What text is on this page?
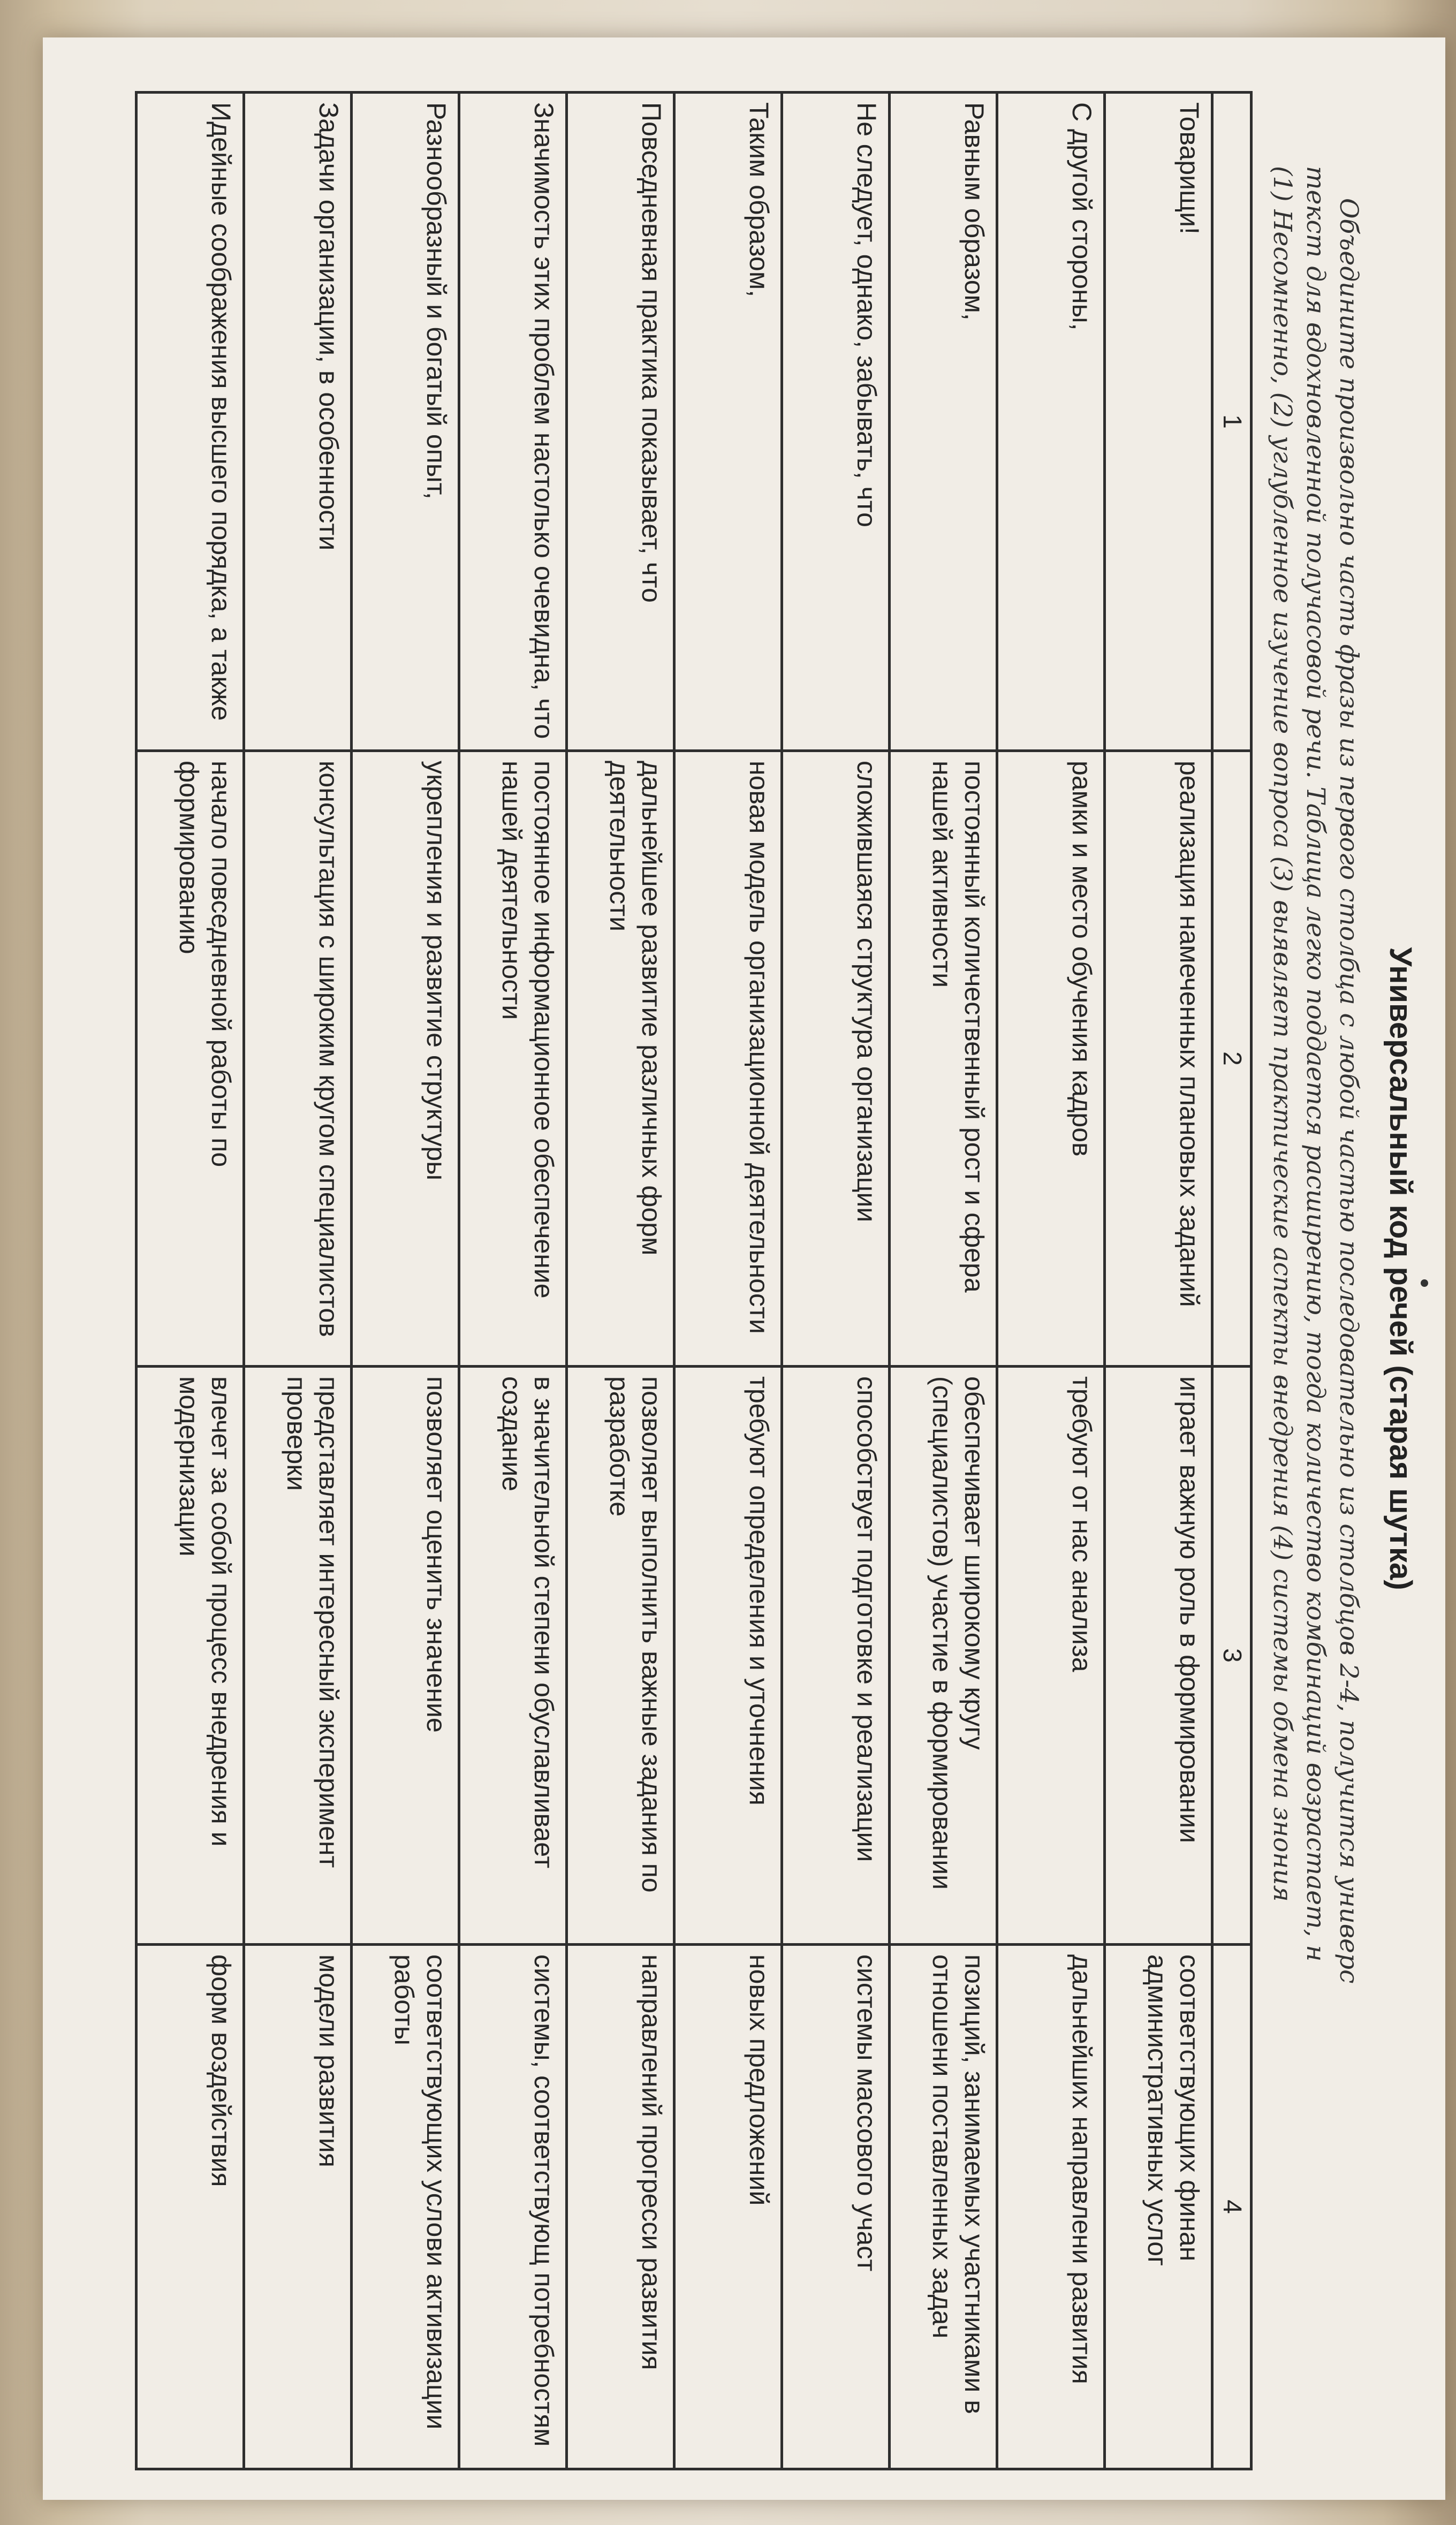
Универсальный код речей (старая шутка)

Объедините произвольно часть фразы из первого столбца с любой частью последовательно из столбцов 2-4, получится универс

текст для вдохновленной получасовой речи. Таблица легко поддается расширению, тогда количество комбинаций возрастает, н

(1) Несомненно, (2) углубленное изучение вопроса (3) выявляет практические аспекты внедрения (4) системы обмена знония

1	2	3	4
Товарищи!	реализация намеченных плановых заданий	играет важную роль в формировании	соответствующих финан административных услог
С другой стороны,	рамки и место обучения кадров	требуют от нас анализа	дальнейших направлени развития
Равным образом,	постоянный количественный рост и сфера нашей активности	обеспечивает широкому кругу (специалистов) участие в формировании	позиций, занимаемых участниками в отношени поставленных задач
Не следует, однако, забывать, что	сложившаяся структура организации	способствует подготовке и реализации	системы массового участ
Таким образом,	новая модель организационной деятельности	требуют определения и уточнения	новых предложений
Повседневная практика показывает, что	дальнейшее развитие различных форм деятельности	позволяет выполнить важные задания по разработке	направлений прогресси развития
Значимость этих проблем настолько очевидна, что	постоянное информационное обеспечение нашей деятельности	в значительной степени обуславливает создание	системы, соответствующ потребностям
Разнообразный и богатый опыт,	укрепления и развитие структуры	позволяет оценить значение	соответствующих услови активизации работы
Задачи организации, в особенности	консультация с широким кругом специалистов	представляет интересный эксперимент проверки	модели развития
Идейные соображения высшего порядка, а также	начало повседневной работы по формированию	влечет за собой процесс внедрения и модернизации	форм воздействия
